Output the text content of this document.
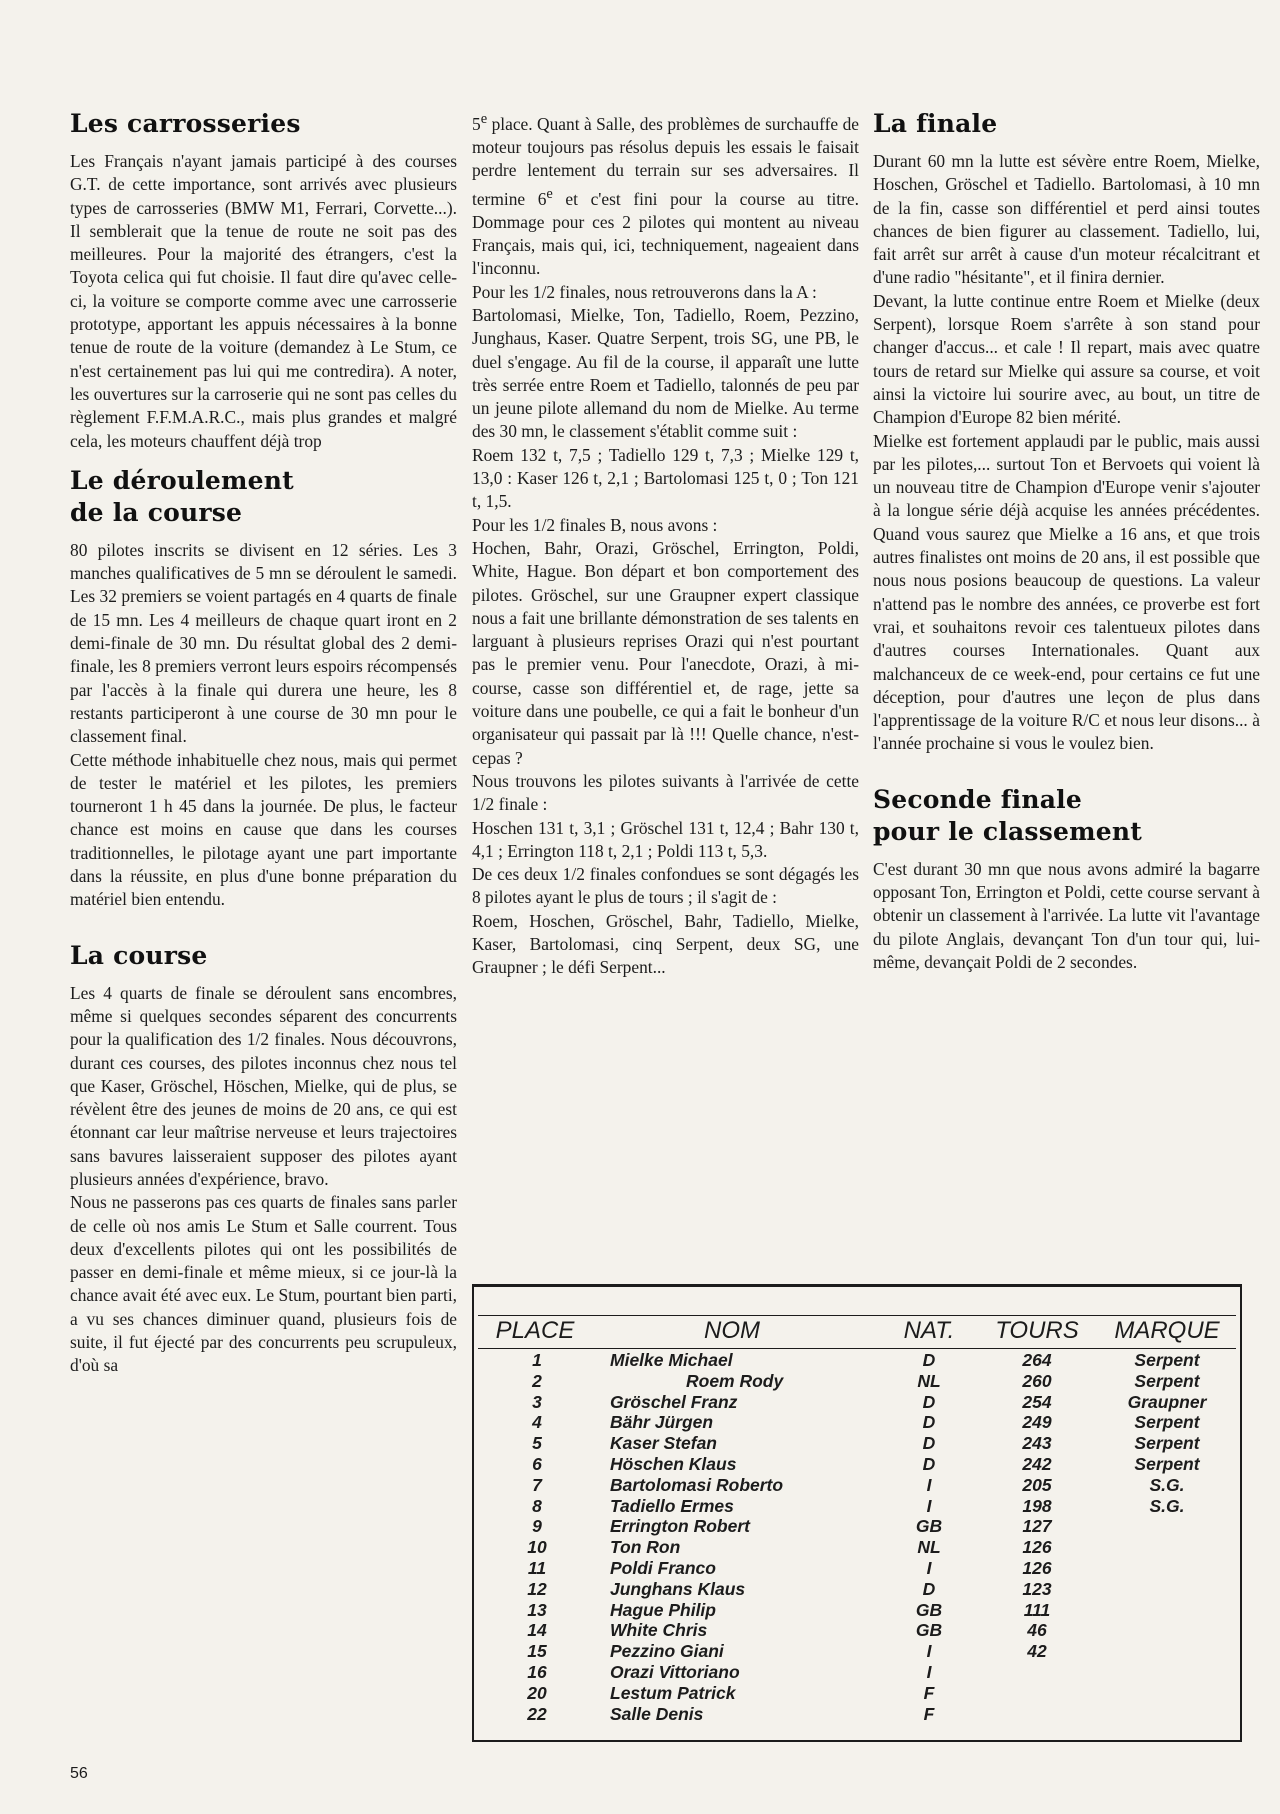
Les carrosseries

Les Français n'ayant jamais participé à des courses G.T. de cette importance, sont arrivés avec plusieurs types de carrosseries (BMW M1, Ferrari, Corvette...). Il semblerait que la tenue de route ne soit pas des meilleures. Pour la majorité des étrangers, c'est la Toyota celica qui fut choisie. Il faut dire qu'avec celle-ci, la voiture se comporte comme avec une carrosserie prototype, apportant les appuis nécessaires à la bonne tenue de route de la voiture (demandez à Le Stum, ce n'est certainement pas lui qui me contredira). A noter, les ouvertures sur la carroserie qui ne sont pas celles du règlement F.F.M.A.R.C., mais plus grandes et malgré cela, les moteurs chauffent déjà trop

Le déroulement
de la course

80 pilotes inscrits se divisent en 12 séries. Les 3 manches qualificatives de 5 mn se déroulent le samedi. Les 32 premiers se voient partagés en 4 quarts de finale de 15 mn. Les 4 meilleurs de chaque quart iront en 2 demi-finale de 30 mn. Du résultat global des 2 demi-finale, les 8 premiers verront leurs espoirs récompensés par l'accès à la finale qui durera une heure, les 8 restants participeront à une course de 30 mn pour le classement final.

Cette méthode inhabituelle chez nous, mais qui permet de tester le matériel et les pilotes, les premiers tourneront 1 h 45 dans la journée. De plus, le facteur chance est moins en cause que dans les courses traditionnelles, le pilotage ayant une part importante dans la réussite, en plus d'une bonne préparation du matériel bien entendu.

La course

Les 4 quarts de finale se déroulent sans encombres, même si quelques secondes séparent des concurrents pour la qualification des 1/2 finales. Nous découvrons, durant ces courses, des pilotes inconnus chez nous tel que Kaser, Gröschel, Höschen, Mielke, qui de plus, se révèlent être des jeunes de moins de 20 ans, ce qui est étonnant car leur maîtrise nerveuse et leurs trajectoires sans bavures laisseraient supposer des pilotes ayant plusieurs années d'expérience, bravo.

Nous ne passerons pas ces quarts de finales sans parler de celle où nos amis Le Stum et Salle courrent. Tous deux d'excellents pilotes qui ont les possibilités de passer en demi-finale et même mieux, si ce jour-là la chance avait été avec eux. Le Stum, pourtant bien parti, a vu ses chances diminuer quand, plusieurs fois de suite, il fut éjecté par des concurrents peu scrupuleux, d'où sa

5e place. Quant à Salle, des problèmes de surchauffe de moteur toujours pas résolus depuis les essais le faisait perdre lentement du terrain sur ses adversaires. Il termine 6e et c'est fini pour la course au titre. Dommage pour ces 2 pilotes qui montent au niveau Français, mais qui, ici, techniquement, nageaient dans l'inconnu.

Pour les 1/2 finales, nous retrouverons dans la A :

Bartolomasi, Mielke, Ton, Tadiello, Roem, Pezzino, Junghaus, Kaser. Quatre Serpent, trois SG, une PB, le duel s'engage. Au fil de la course, il apparaît une lutte très serrée entre Roem et Tadiello, talonnés de peu par un jeune pilote allemand du nom de Mielke. Au terme des 30 mn, le classement s'établit comme suit :

Roem 132 t, 7,5 ; Tadiello 129 t, 7,3 ; Mielke 129 t, 13,0 : Kaser 126 t, 2,1 ; Bartolomasi 125 t, 0 ; Ton 121 t, 1,5.

Pour les 1/2 finales B, nous avons :

Hochen, Bahr, Orazi, Gröschel, Errington, Poldi, White, Hague. Bon départ et bon comportement des pilotes. Gröschel, sur une Graupner expert classique nous a fait une brillante démonstration de ses talents en larguant à plusieurs reprises Orazi qui n'est pourtant pas le premier venu. Pour l'anecdote, Orazi, à mi-course, casse son différentiel et, de rage, jette sa voiture dans une poubelle, ce qui a fait le bonheur d'un organisateur qui passait par là !!! Quelle chance, n'est-cepas ?

Nous trouvons les pilotes suivants à l'arrivée de cette 1/2 finale :

Hoschen 131 t, 3,1 ; Gröschel 131 t, 12,4 ; Bahr 130 t, 4,1 ; Errington 118 t, 2,1 ; Poldi 113 t, 5,3.

De ces deux 1/2 finales confondues se sont dégagés les 8 pilotes ayant le plus de tours ; il s'agit de :

Roem, Hoschen, Gröschel, Bahr, Tadiello, Mielke, Kaser, Bartolomasi, cinq Serpent, deux SG, une Graupner ; le défi Serpent...

La finale

Durant 60 mn la lutte est sévère entre Roem, Mielke, Hoschen, Gröschel et Tadiello. Bartolomasi, à 10 mn de la fin, casse son différentiel et perd ainsi toutes chances de bien figurer au classement. Tadiello, lui, fait arrêt sur arrêt à cause d'un moteur récalcitrant et d'une radio "hésitante", et il finira dernier.

Devant, la lutte continue entre Roem et Mielke (deux Serpent), lorsque Roem s'arrête à son stand pour changer d'accus... et cale ! Il repart, mais avec quatre tours de retard sur Mielke qui assure sa course, et voit ainsi la victoire lui sourire avec, au bout, un titre de Champion d'Europe 82 bien mérité.

Mielke est fortement applaudi par le public, mais aussi par les pilotes,... surtout Ton et Bervoets qui voient là un nouveau titre de Champion d'Europe venir s'ajouter à la longue série déjà acquise les années précédentes. Quand vous saurez que Mielke a 16 ans, et que trois autres finalistes ont moins de 20 ans, il est possible que nous nous posions beaucoup de questions. La valeur n'attend pas le nombre des années, ce proverbe est fort vrai, et souhaitons revoir ces talentueux pilotes dans d'autres courses Internationales. Quant aux malchanceux de ce week-end, pour certains ce fut une déception, pour d'autres une leçon de plus dans l'apprentissage de la voiture R/C et nous leur disons... à l'année prochaine si vous le voulez bien.

Seconde finale
pour le classement

C'est durant 30 mn que nous avons admiré la bagarre opposant Ton, Errington et Poldi, cette course servant à obtenir un classement à l'arrivée. La lutte vit l'avantage du pilote Anglais, devançant Ton d'un tour qui, lui-même, devançait Poldi de 2 secondes.

PLACE	NOM	NAT.	TOURS	MARQUE
1	Mielke Michael	D	264	Serpent
2	Roem Rody	NL	260	Serpent
3	Gröschel Franz	D	254	Graupner
4	Bähr Jürgen	D	249	Serpent
5	Kaser Stefan	D	243	Serpent
6	Höschen Klaus	D	242	Serpent
7	Bartolomasi Roberto	I	205	S.G.
8	Tadiello Ermes	I	198	S.G.
9	Errington Robert	GB	127
10	Ton Ron	NL	126
11	Poldi Franco	I	126
12	Junghans Klaus	D	123
13	Hague Philip	GB	111
14	White Chris	GB	46
15	Pezzino Giani	I	42
16	Orazi Vittoriano	I
20	Lestum Patrick	F
22	Salle Denis	F
56
